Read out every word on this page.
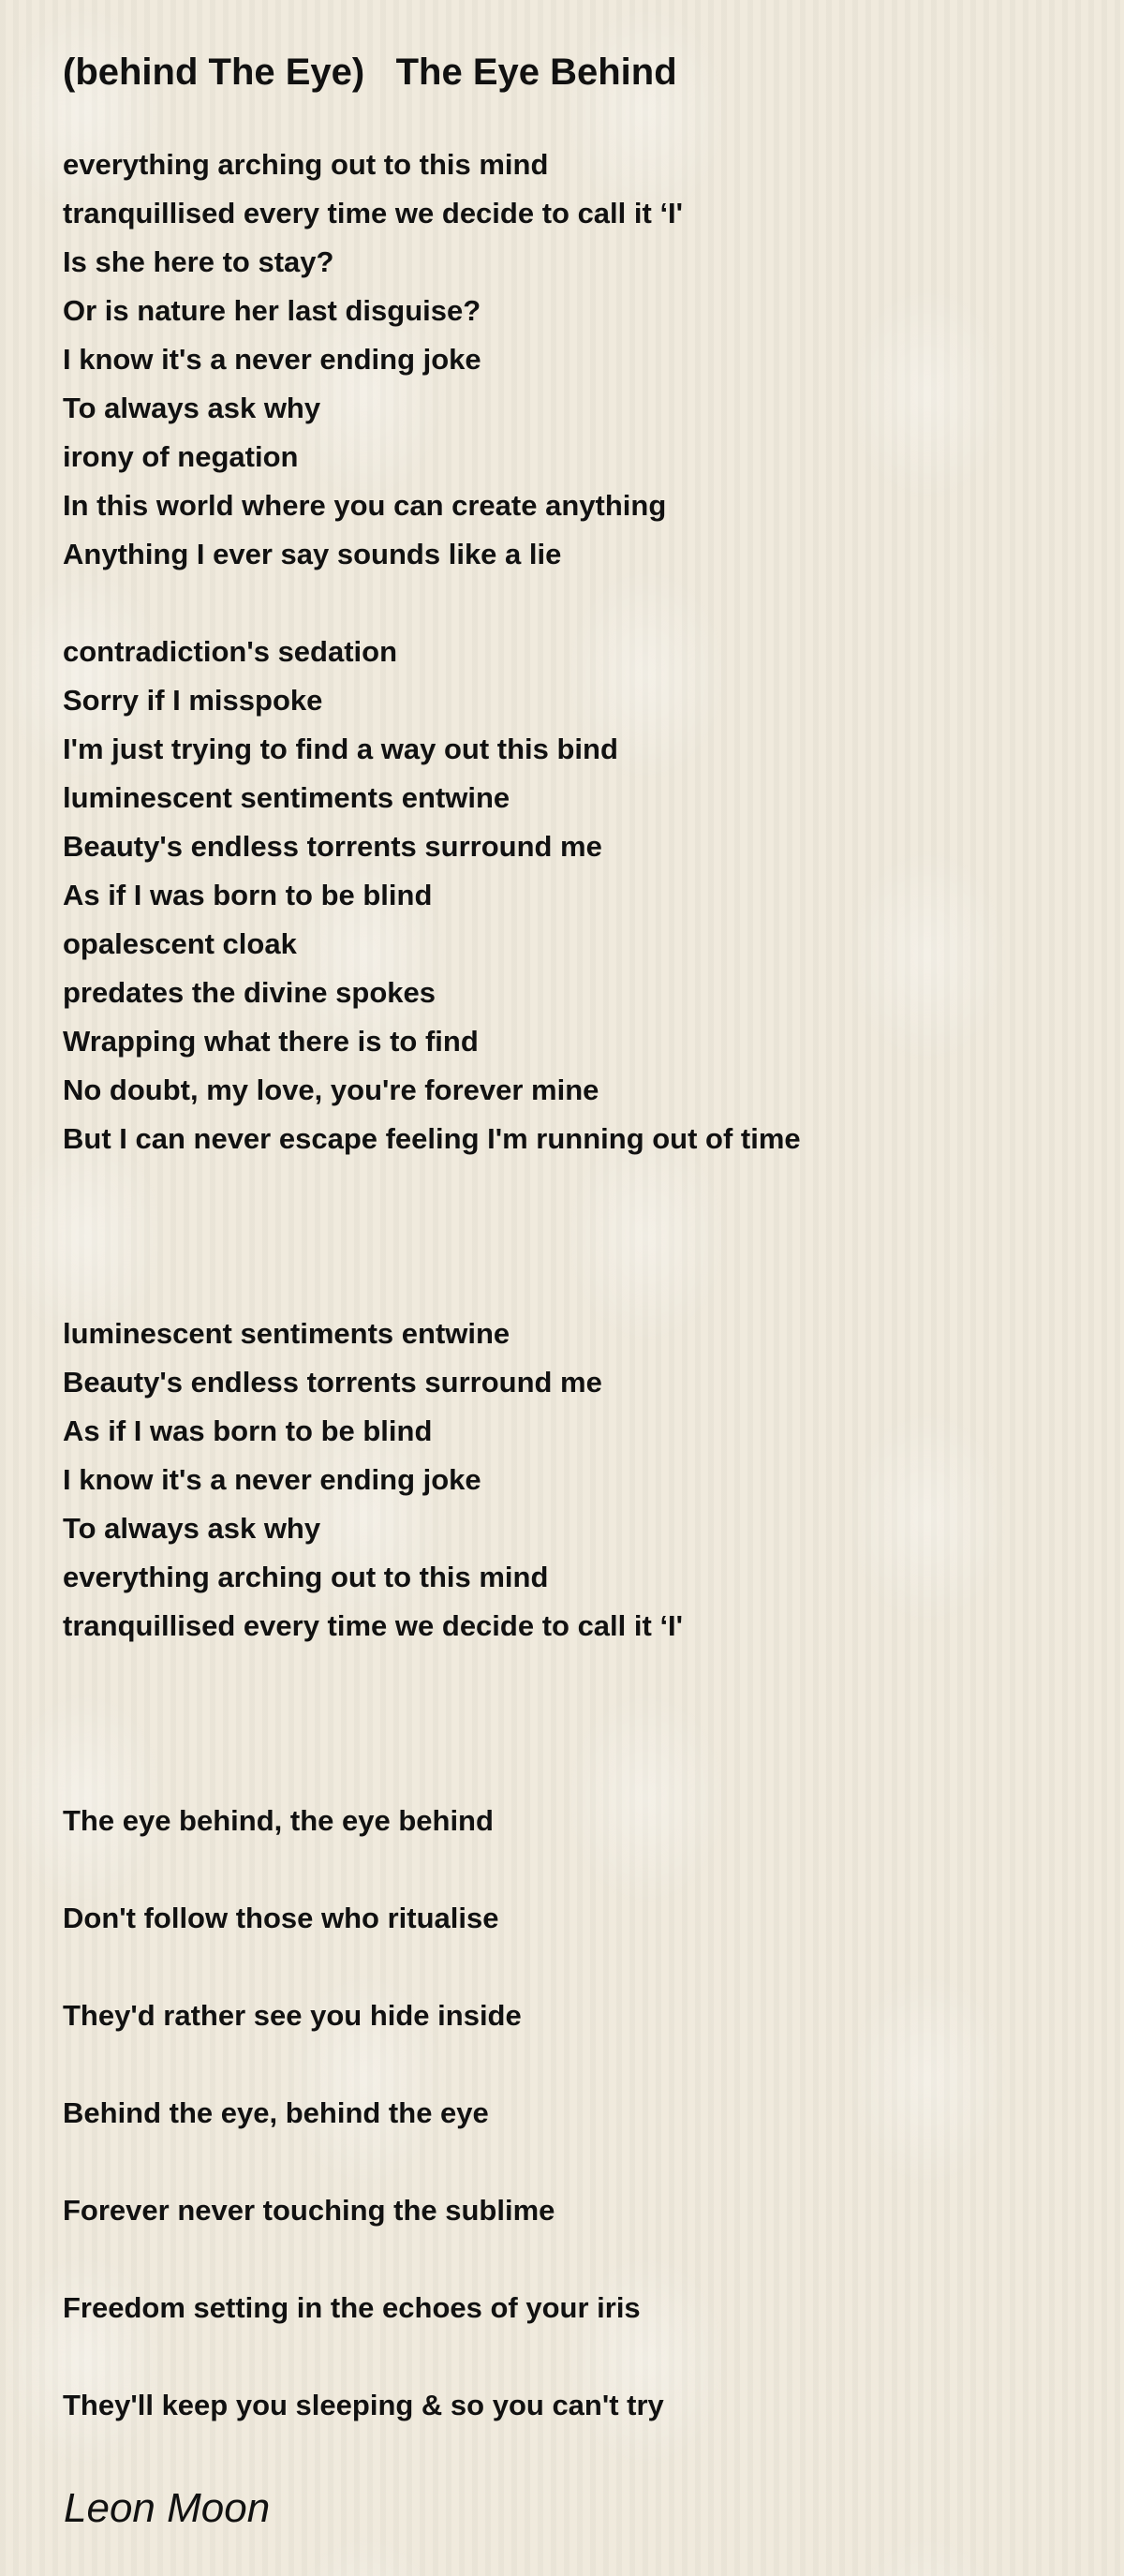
(behind The Eye)   The Eye Behind
everything arching out to this mind
tranquillised every time we decide to call it ‘I'
Is she here to stay?
Or is nature her last disguise?
I know it's a never ending joke
To always ask why
irony of negation
In this world where you can create anything
Anything I ever say sounds like a lie
contradiction's sedation
Sorry if I misspoke
I'm just trying to find a way out this bind
luminescent sentiments entwine
Beauty's endless torrents surround me
As if I was born to be blind
opalescent cloak
predates the divine spokes
Wrapping what there is to find
No doubt, my love, you're forever mine
But I can never escape feeling I'm running out of time
luminescent sentiments entwine
Beauty's endless torrents surround me
As if I was born to be blind
I know it's a never ending joke
To always ask why
everything arching out to this mind
tranquillised every time we decide to call it ‘I'
The eye behind, the eye behind
Don't follow those who ritualise
They'd rather see you hide inside
Behind the eye, behind the eye
Forever never touching the sublime
Freedom setting in the echoes of your iris
They'll keep you sleeping & so you can't try
Leon Moon
